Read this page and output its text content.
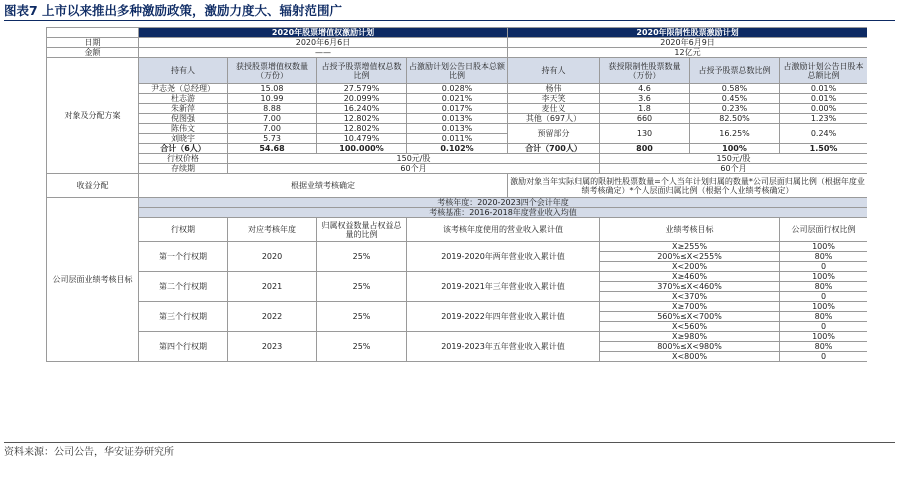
图表7 上市以来推出多种激励政策，激励力度大、辐射范围广
	2020年股票增值权激励计划				2020年限制性股票激励计划			
日期	2020年6月6日				2020年6月9日			
金额	——				12亿元			
对象及分配方案	持有人	获授股票增值权数量（万份）	占授予股票增值权总数比例	占激励计划公告日股本总额比例	持有人	获授限制性股票数量（万份）	占授予股票总数比例	占激励计划公告日股本总额比例
	尹志尧（总经理）	15.08	27.579%	0.028%	杨伟	4.6	0.58%	0.01%
	杜志游	10.99	20.099%	0.021%	李天笑	3.6	0.45%	0.01%
	朱新萍	8.88	16.240%	0.017%	麦仕义	1.8	0.23%	0.00%
	倪图强	7.00	12.802%	0.013%	其他（697人）	660	82.50%	1.23%
	陈伟文	7.00	12.802%	0.013%	预留部分	130	16.25%	0.24%
	刘晓宇	5.73	10.479%	0.011%				
	合计（6人）	54.68	100.000%	0.102%	合计（700人）	800	100%	1.50%
	行权价格	150元/股				150元/股		
	存续期	60个月				60个月		
收益分配	根据业绩考核确定				激励对象当年实际归属的限制性股票数量=个人当年计划归属的数量*公司层面归属比例（根据年度业绩考核确定）*个人层面归属比例（根据个人业绩考核确定）			
公司层面业绩考核目标	考核年度：2020-2023四个会计年度							
	考核基准：2016-2018年度营业收入均值							
	行权期	对应考核年度	归属权益数量占权益总量的比例	该考核年度使用的营业收入累计值		业绩考核目标		公司层面行权比例
	第一个行权期	2020	25%	2019-2020年两年营业收入累计值		X≥255%		100%
						200%≤X<255%		80%
						X<200%		0
	第二个行权期	2021	25%	2019-2021年三年营业收入累计值		X≥460%		100%
						370%≤X<460%		80%
						X<370%		0
	第三个行权期	2022	25%	2019-2022年四年营业收入累计值		X≥700%		100%
						560%≤X<700%		80%
						X<560%		0
	第四个行权期	2023	25%	2019-2023年五年营业收入累计值		X≥980%		100%
						800%≤X<980%		80%
						X<800%		0
资料来源：公司公告，华安证券研究所
